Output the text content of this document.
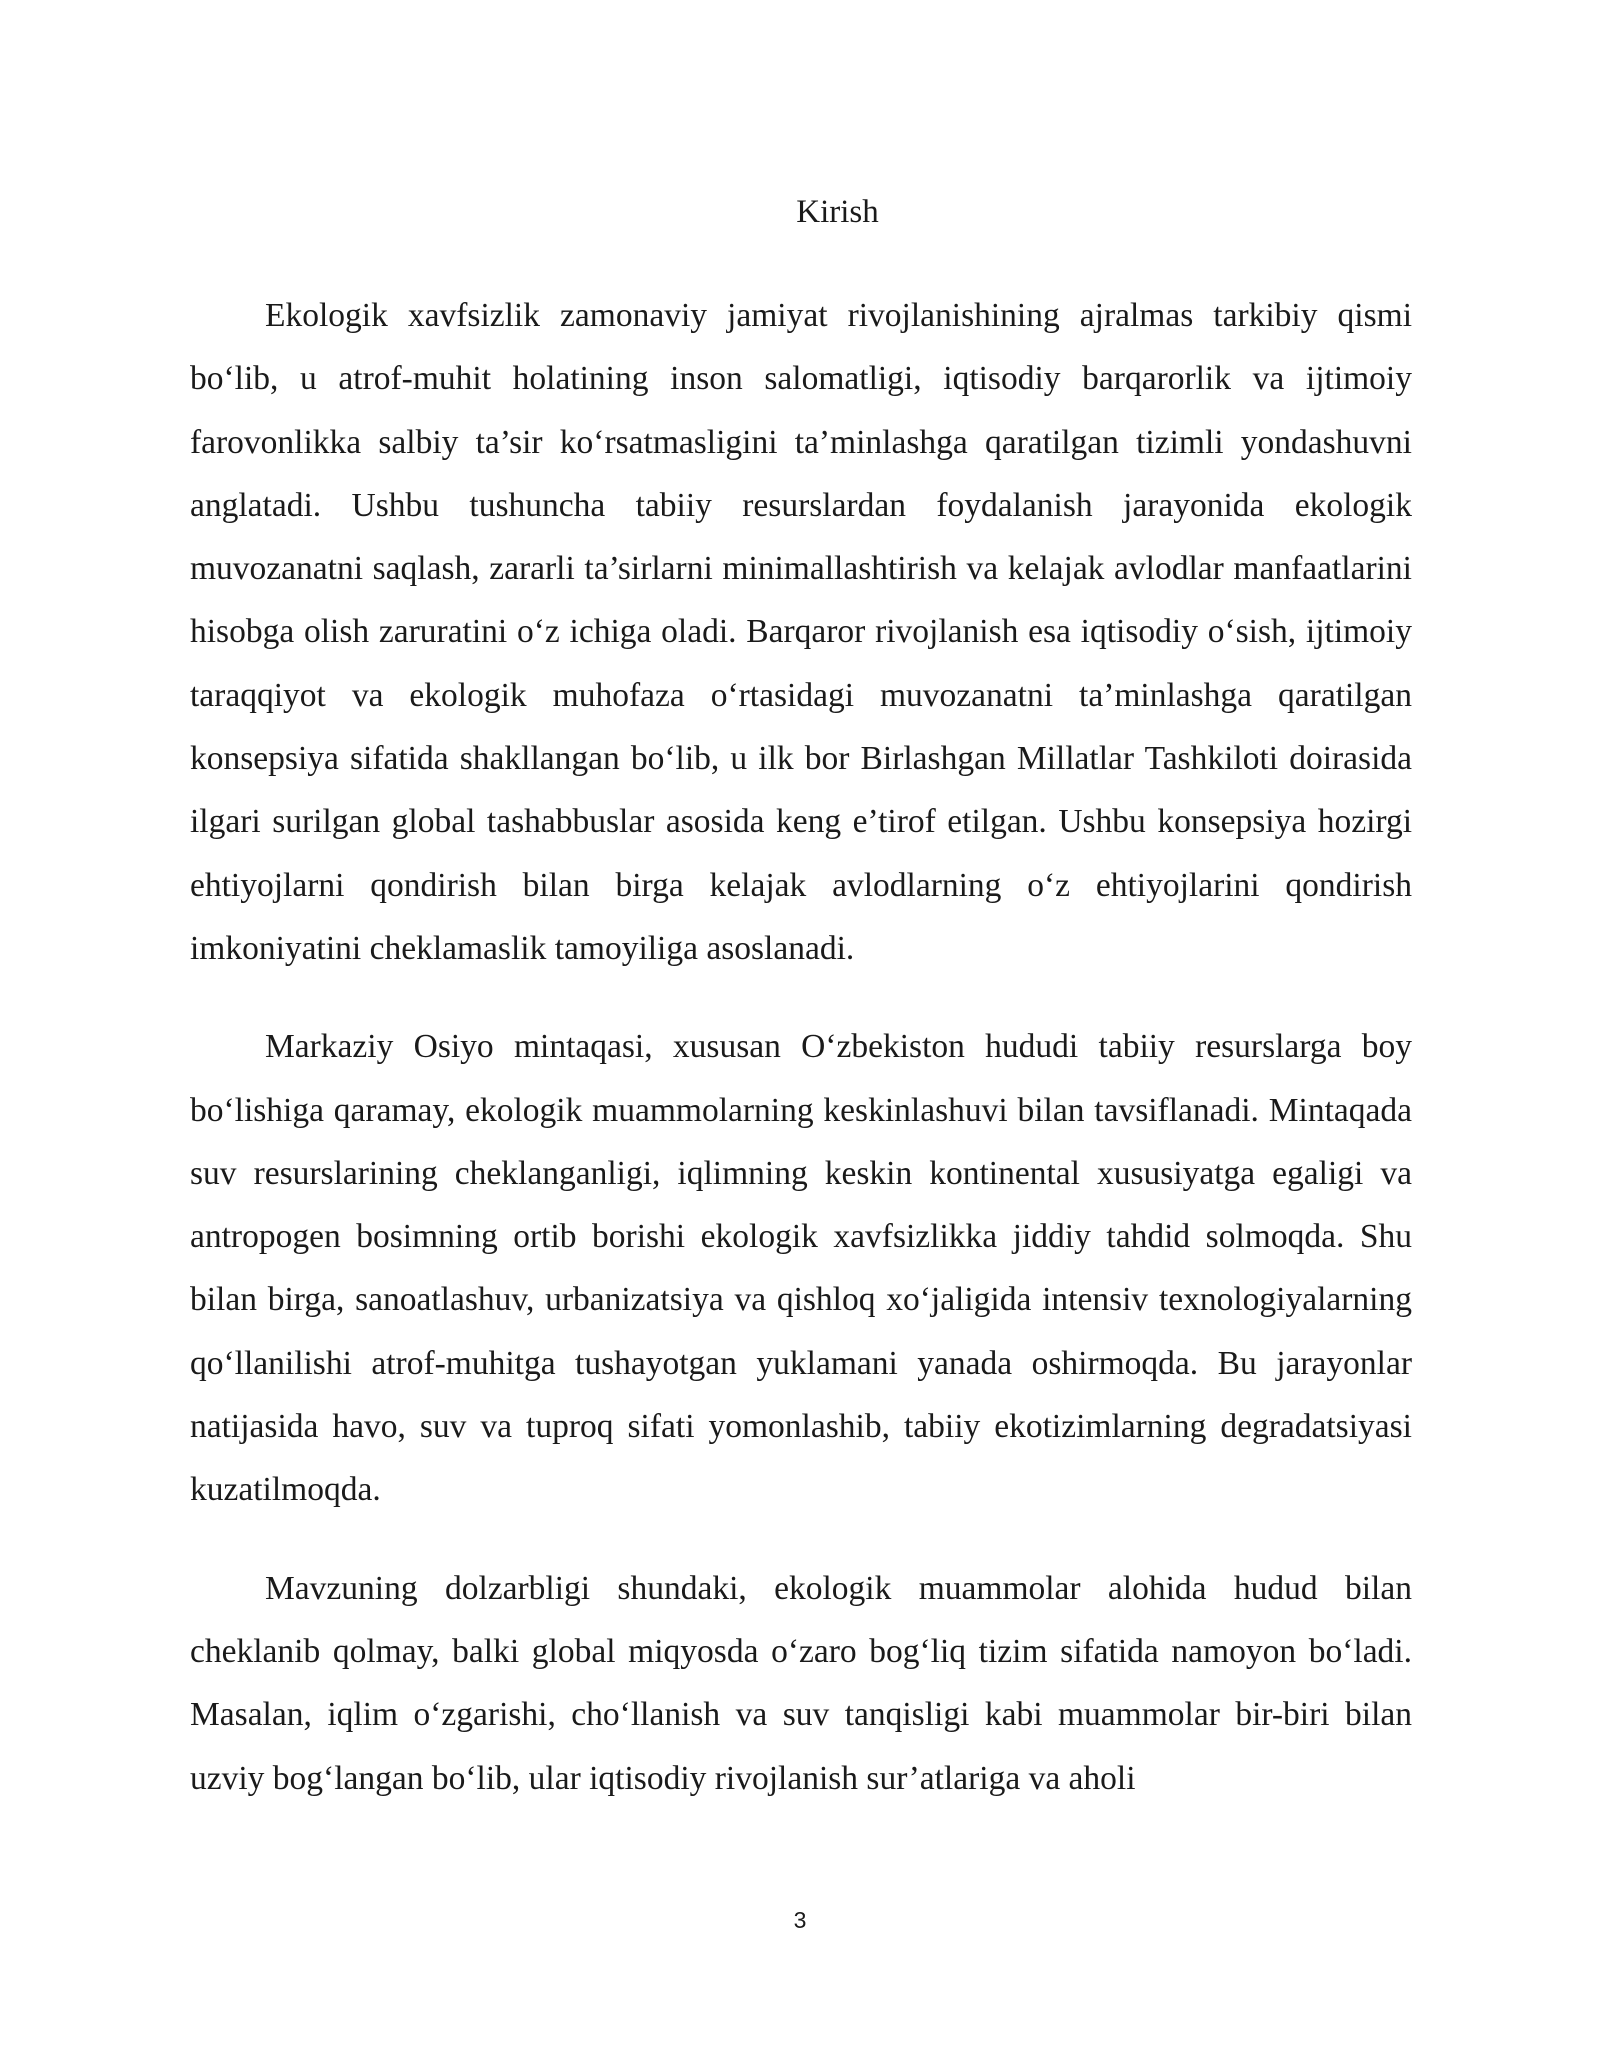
Kirish

Ekologik xavfsizlik zamonaviy jamiyat rivojlanishining ajralmas tarkibiy qismi bo‘lib, u atrof-muhit holatining inson salomatligi, iqtisodiy barqarorlik va ijtimoiy farovonlikka salbiy ta’sir ko‘rsatmasligini ta’minlashga qaratilgan tizimli yondashuvni anglatadi. Ushbu tushuncha tabiiy resurslardan foydalanish jarayonida ekologik muvozanatni saqlash, zararli ta’sirlarni minimallashtirish va kelajak avlodlar manfaatlarini hisobga olish zaruratini o‘z ichiga oladi. Barqaror rivojlanish esa iqtisodiy o‘sish, ijtimoiy taraqqiyot va ekologik muhofaza o‘rtasidagi muvozanatni ta’minlashga qaratilgan konsepsiya sifatida shakllangan bo‘lib, u ilk bor Birlashgan Millatlar Tashkiloti doirasida ilgari surilgan global tashabbuslar asosida keng e’tirof etilgan. Ushbu konsepsiya hozirgi ehtiyojlarni qondirish bilan birga kelajak avlodlarning o‘z ehtiyojlarini qondirish imkoniyatini cheklamaslik tamoyiliga asoslanadi.

Markaziy Osiyo mintaqasi, xususan O‘zbekiston hududi tabiiy resurslarga boy bo‘lishiga qaramay, ekologik muammolarning keskinlashuvi bilan tavsiflanadi. Mintaqada suv resurslarining cheklanganligi, iqlimning keskin kontinental xususiyatga egaligi va antropogen bosimning ortib borishi ekologik xavfsizlikka jiddiy tahdid solmoqda. Shu bilan birga, sanoatlashuv, urbanizatsiya va qishloq xo‘jaligida intensiv texnologiyalarning qo‘llanilishi atrof-muhitga tushayotgan yuklamani yanada oshirmoqda. Bu jarayonlar natijasida havo, suv va tuproq sifati yomonlashib, tabiiy ekotizimlarning degradatsiyasi kuzatilmoqda.

Mavzuning dolzarbligi shundaki, ekologik muammolar alohida hudud bilan cheklanib qolmay, balki global miqyosda o‘zaro bog‘liq tizim sifatida namoyon bo‘ladi. Masalan, iqlim o‘zgarishi, cho‘llanish va suv tanqisligi kabi muammolar bir-biri bilan uzviy bog‘langan bo‘lib, ular iqtisodiy rivojlanish sur’atlariga va aholi

3
